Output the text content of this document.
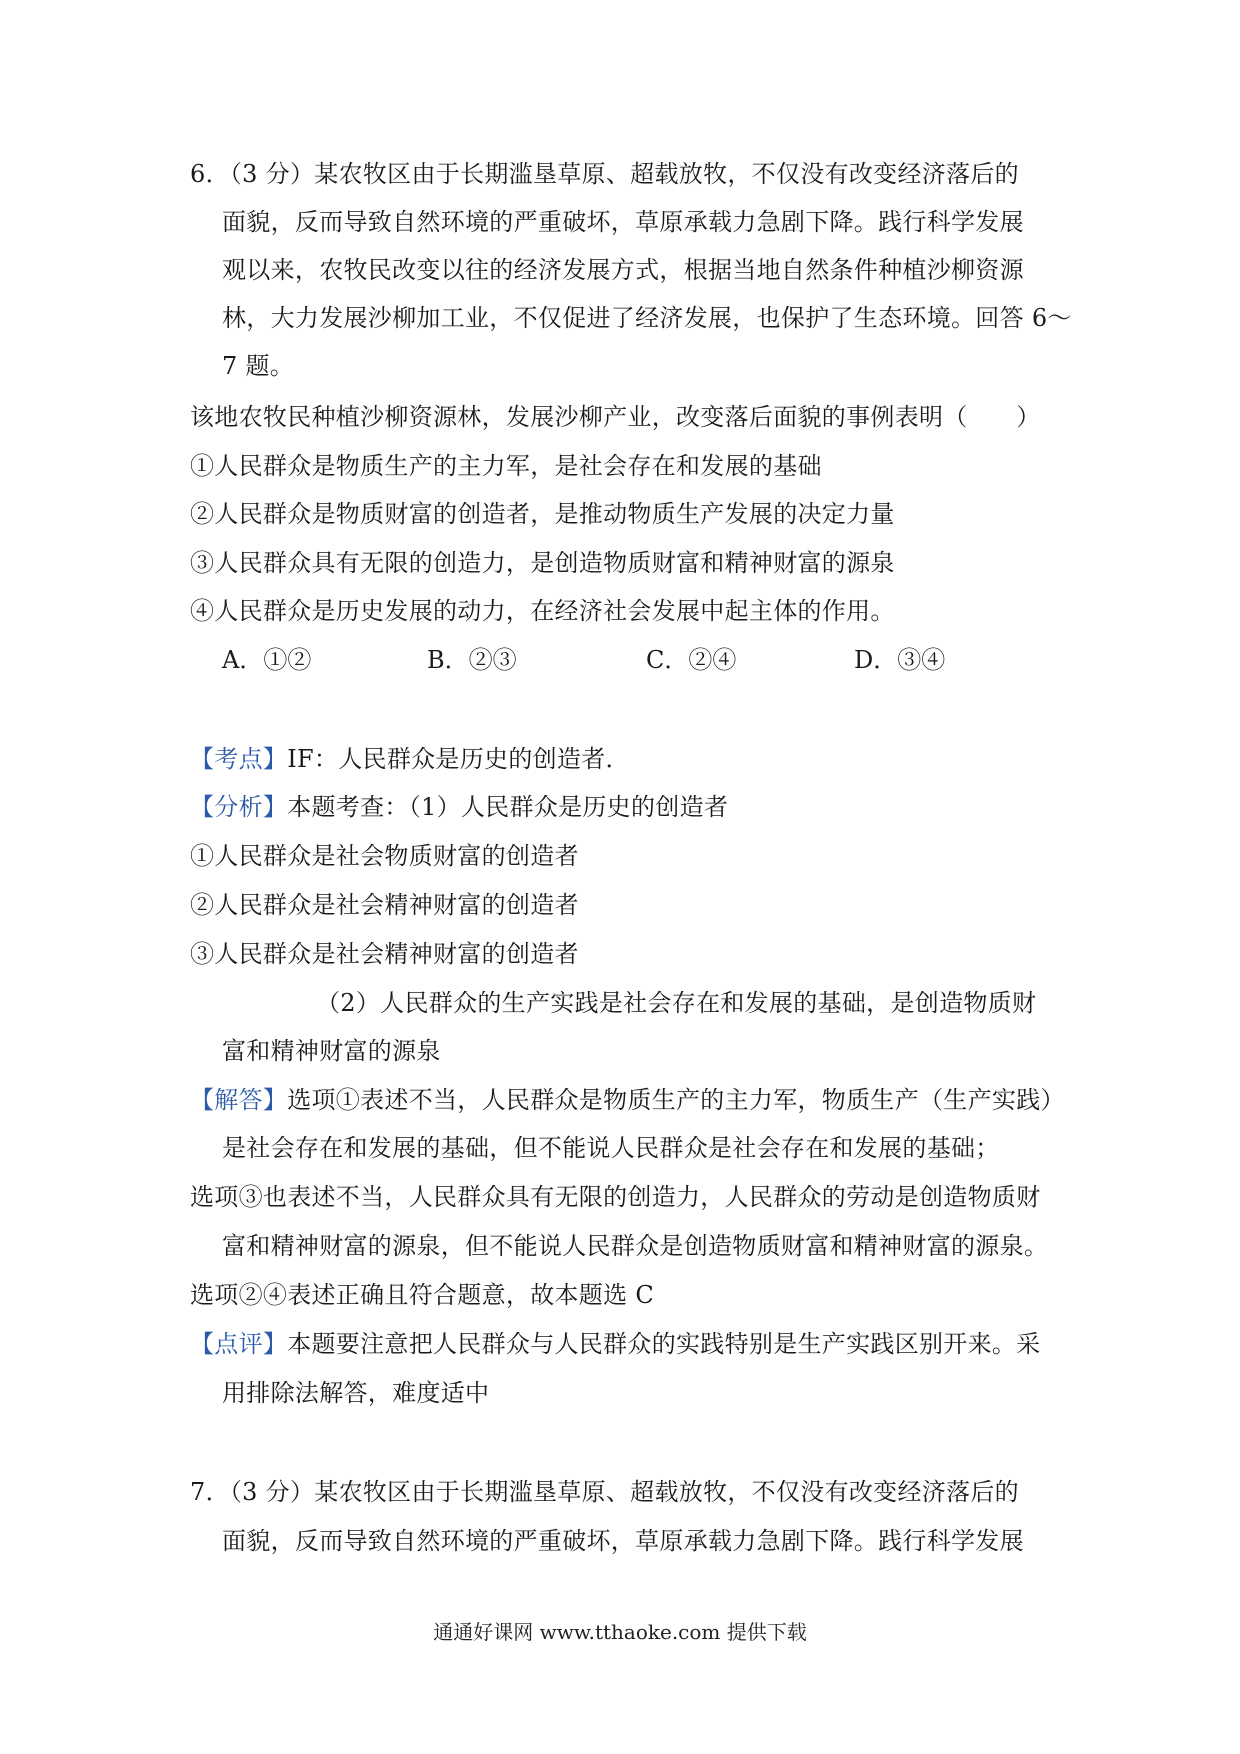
6．（3 分）某农牧区由于长期滥垦草原、超载放牧，不仅没有改变经济落后的
面貌，反而导致自然环境的严重破坏，草原承载力急剧下降。践行科学发展
观以来，农牧民改变以往的经济发展方式，根据当地自然条件种植沙柳资源
林，大力发展沙柳加工业，不仅促进了经济发展，也保护了生态环境。回答 6～
7 题。
该地农牧民种植沙柳资源林，发展沙柳产业，改变落后面貌的事例表明（　　）
①人民群众是物质生产的主力军，是社会存在和发展的基础
②人民群众是物质财富的创造者，是推动物质生产发展的决定力量
③人民群众具有无限的创造力，是创造物质财富和精神财富的源泉
④人民群众是历史发展的动力，在经济社会发展中起主体的作用。
A．①②	B．②③	C．②④	D．③④
【考点】IF：人民群众是历史的创造者．
【分析】本题考查：（1）人民群众是历史的创造者
①人民群众是社会物质财富的创造者
②人民群众是社会精神财富的创造者
③人民群众是社会精神财富的创造者
（2）人民群众的生产实践是社会存在和发展的基础，是创造物质财
富和精神财富的源泉
【解答】选项①表述不当，人民群众是物质生产的主力军，物质生产（生产实践）
是社会存在和发展的基础，但不能说人民群众是社会存在和发展的基础；
选项③也表述不当，人民群众具有无限的创造力，人民群众的劳动是创造物质财
富和精神财富的源泉，但不能说人民群众是创造物质财富和精神财富的源泉。
选项②④表述正确且符合题意，故本题选 C
【点评】本题要注意把人民群众与人民群众的实践特别是生产实践区别开来。采
用排除法解答，难度适中
7．（3 分）某农牧区由于长期滥垦草原、超载放牧，不仅没有改变经济落后的
面貌，反而导致自然环境的严重破坏，草原承载力急剧下降。践行科学发展
通通好课网 www.tthaoke.com 提供下载
